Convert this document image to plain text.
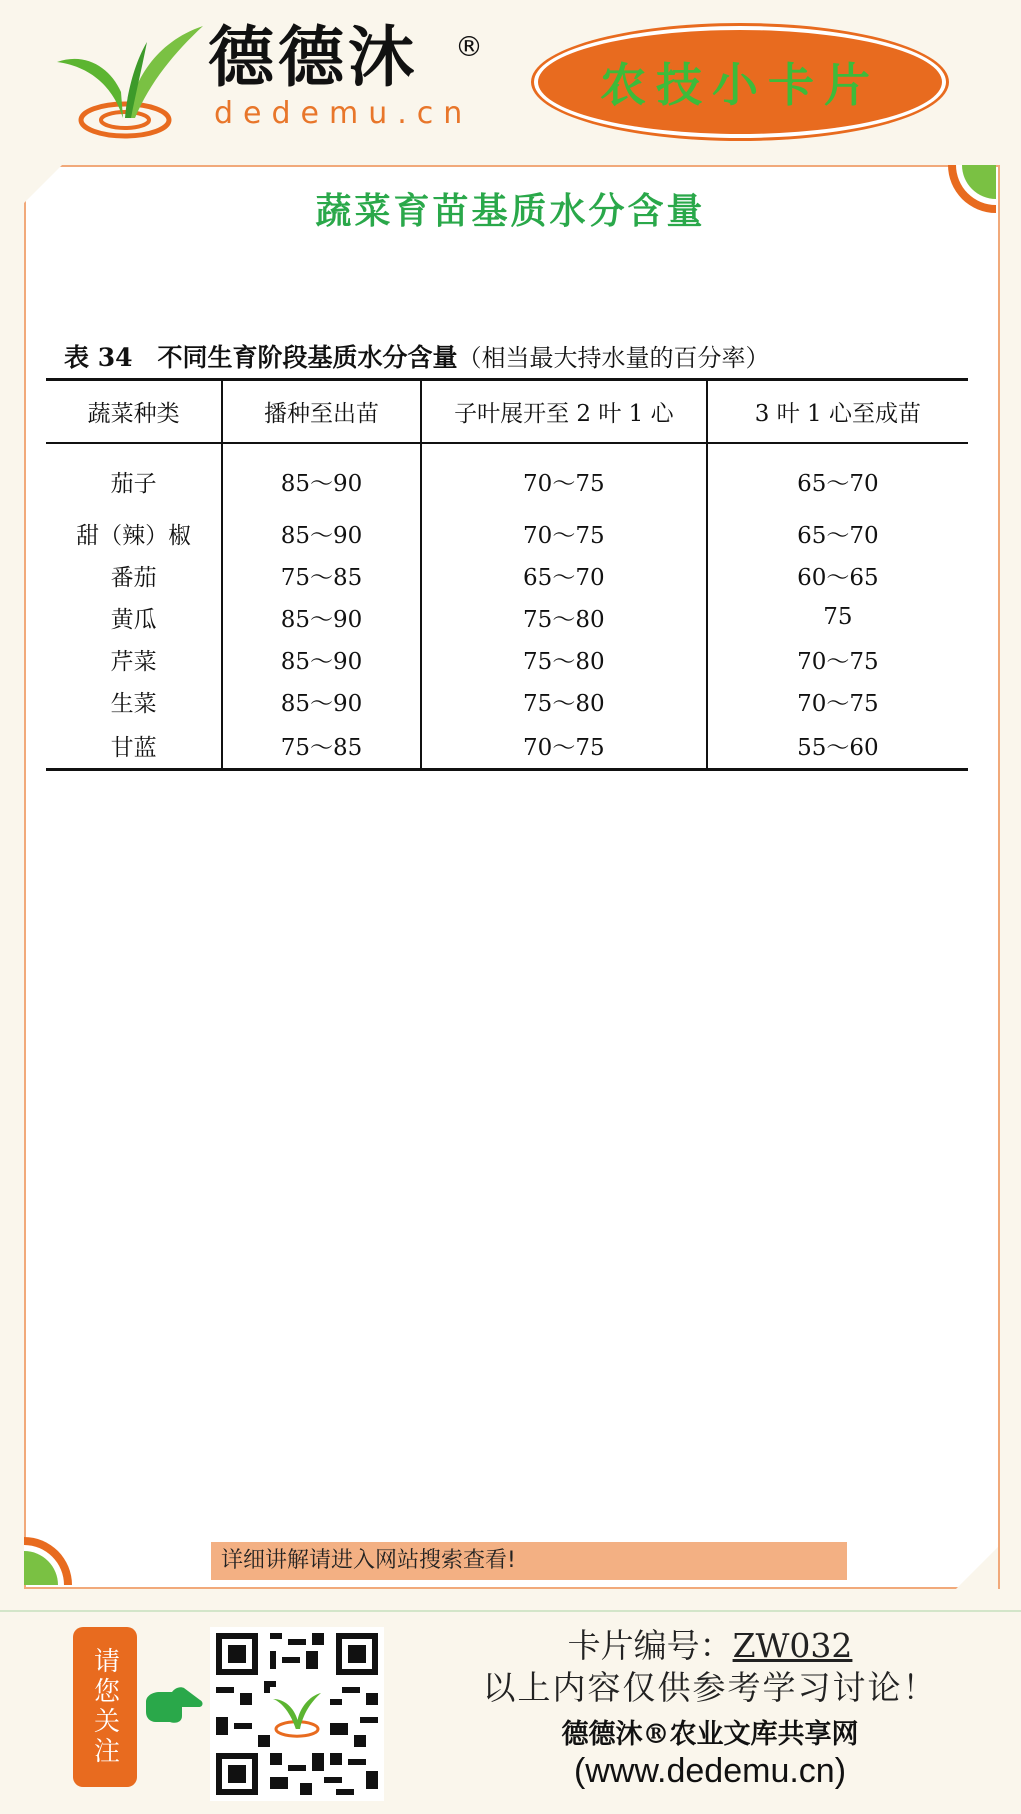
德德沐 ®
dedemu.cn
农技小卡片
蔬菜育苗基质水分含量
表 34　不同生育阶段基质水分含量（相当最大持水量的百分率）
蔬菜种类	播种至出苗	子叶展开至 2 叶 1 心	3 叶 1 心至成苗
茄子	85～90	70～75	65～70
甜（辣）椒	85～90	70～75	65～70
番茄	75～85	65～70	60～65
黄瓜	85～90	75～80	75
芹菜	85～90	75～80	70～75
生菜	85～90	75～80	70～75
甘蓝	75～85	70～75	55～60
详细讲解请进入网站搜索查看!
请您关注
卡片编号：ZW032
以上内容仅供参考学习讨论！
德德沐®农业文库共享网
(www.dedemu.cn)
